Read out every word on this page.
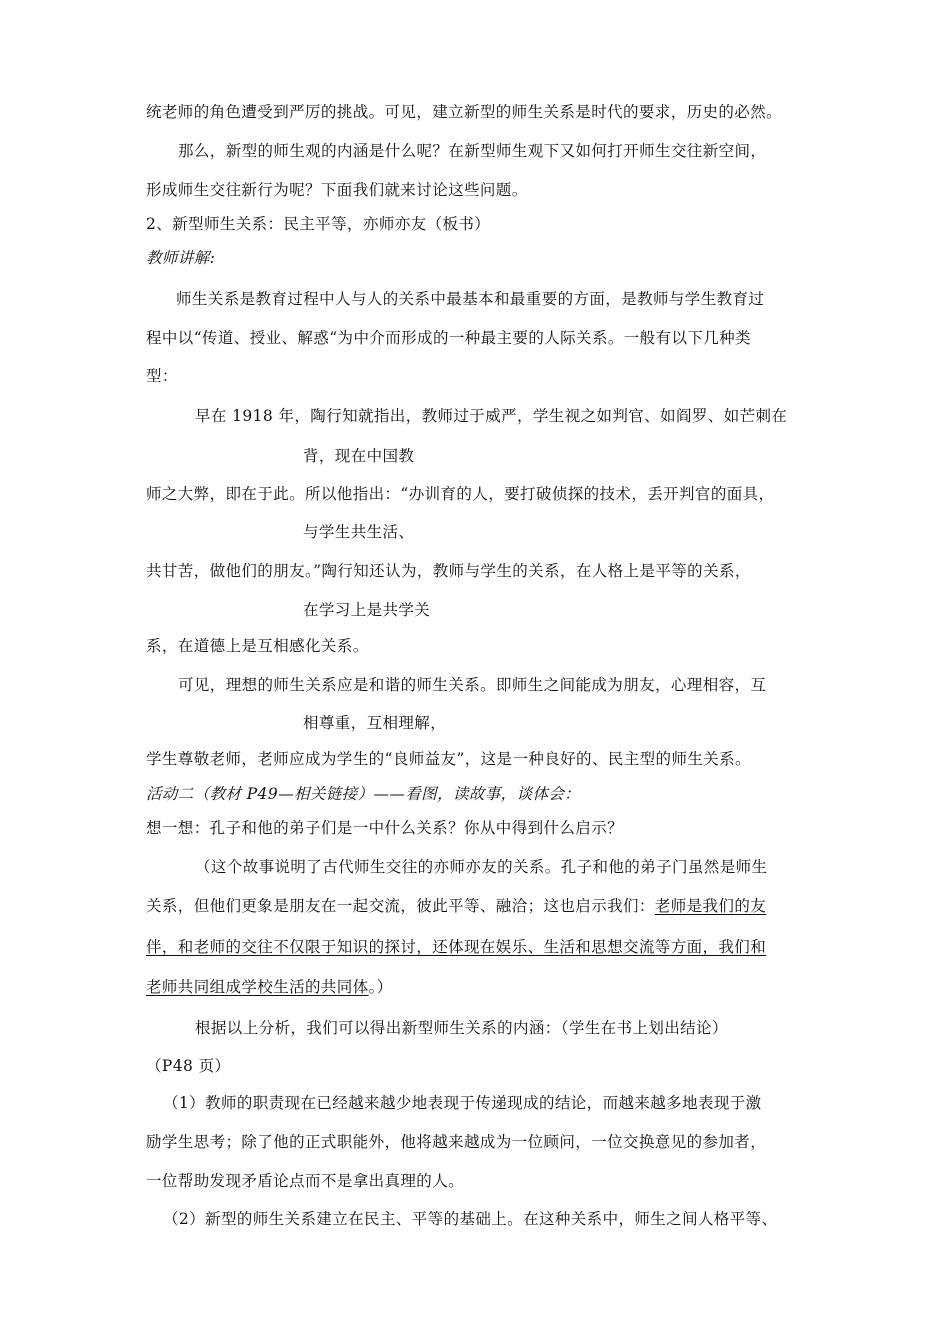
统老师的角色遭受到严厉的挑战。可见，建立新型的师生关系是时代的要求，历史的必然。
那么，新型的师生观的内涵是什么呢？在新型师生观下又如何打开师生交往新空间，
形成师生交往新行为呢？下面我们就来讨论这些问题。
2、新型师生关系：民主平等，亦师亦友（板书）
教师讲解:
师生关系是教育过程中人与人的关系中最基本和最重要的方面，是教师与学生教育过
程中以“传道、授业、解惑“为中介而形成的一种最主要的人际关系。一般有以下几种类
型：
早在 1918 年，陶行知就指出，教师过于威严，学生视之如判官、如阎罗、如芒刺在
背，现在中国教
师之大弊，即在于此。所以他指出：“办训育的人，要打破侦探的技术，丢开判官的面具，
与学生共生活、
共甘苦，做他们的朋友。”陶行知还认为，教师与学生的关系，在人格上是平等的关系，
在学习上是共学关
系，在道德上是互相感化关系。
可见，理想的师生关系应是和谐的师生关系。即师生之间能成为朋友，心理相容，互
相尊重，互相理解，
学生尊敬老师，老师应成为学生的“良师益友”，这是一种良好的、民主型的师生关系。
活动二（教材 P49—相关链接）——看图，读故事，谈体会：
想一想：孔子和他的弟子们是一中什么关系？你从中得到什么启示？
（这个故事说明了古代师生交往的亦师亦友的关系。孔子和他的弟子门虽然是师生
关系，但他们更象是朋友在一起交流，彼此平等、融洽；这也启示我们：老师是我们的友
伴，和老师的交往不仅限于知识的探讨，还体现在娱乐、生活和思想交流等方面，我们和
老师共同组成学校生活的共同体。）
根据以上分析，我们可以得出新型师生关系的内涵：（学生在书上划出结论）
（P48 页）
（1）教师的职责现在已经越来越少地表现于传递现成的结论，而越来越多地表现于激
励学生思考；除了他的正式职能外，他将越来越成为一位顾问，一位交换意见的参加者，
一位帮助发现矛盾论点而不是拿出真理的人。
（2）新型的师生关系建立在民主、平等的基础上。在这种关系中，师生之间人格平等、
